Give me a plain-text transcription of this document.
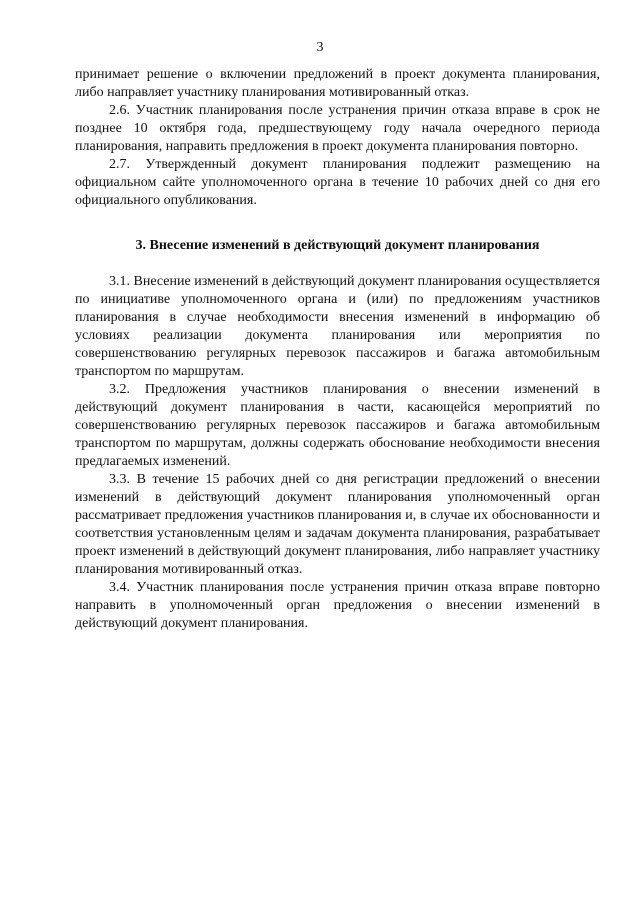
3

принимает решение о включении предложений в проект документа планирования, либо направляет участнику планирования мотивированный отказ.

2.6. Участник планирования после устранения причин отказа вправе в срок не позднее 10 октября года, предшествующему году начала очередного периода планирования, направить предложения в проект документа планирования повторно.

2.7. Утвержденный документ планирования подлежит размещению на официальном сайте уполномоченного органа в течение 10 рабочих дней со дня его официального опубликования.

3. Внесение изменений в действующий документ планирования

3.1. Внесение изменений в действующий документ планирования осуществляется по инициативе уполномоченного органа и (или) по предложениям участников планирования в случае необходимости внесения изменений в информацию об условиях реализации документа планирования или мероприятия по совершенствованию регулярных перевозок пассажиров и багажа автомобильным транспортом по маршрутам.

3.2. Предложения участников планирования о внесении изменений в действующий документ планирования в части, касающейся мероприятий по совершенствованию регулярных перевозок пассажиров и багажа автомобильным транспортом по маршрутам, должны содержать обоснование необходимости внесения предлагаемых изменений.

3.3. В течение 15 рабочих дней со дня регистрации предложений о внесении изменений в действующий документ планирования уполномоченный орган рассматривает предложения участников планирования и, в случае их обоснованности и соответствия установленным целям и задачам документа планирования, разрабатывает проект изменений в действующий документ планирования, либо направляет участнику планирования мотивированный отказ.

3.4. Участник планирования после устранения причин отказа вправе повторно направить в уполномоченный орган предложения о внесении изменений в действующий документ планирования.
